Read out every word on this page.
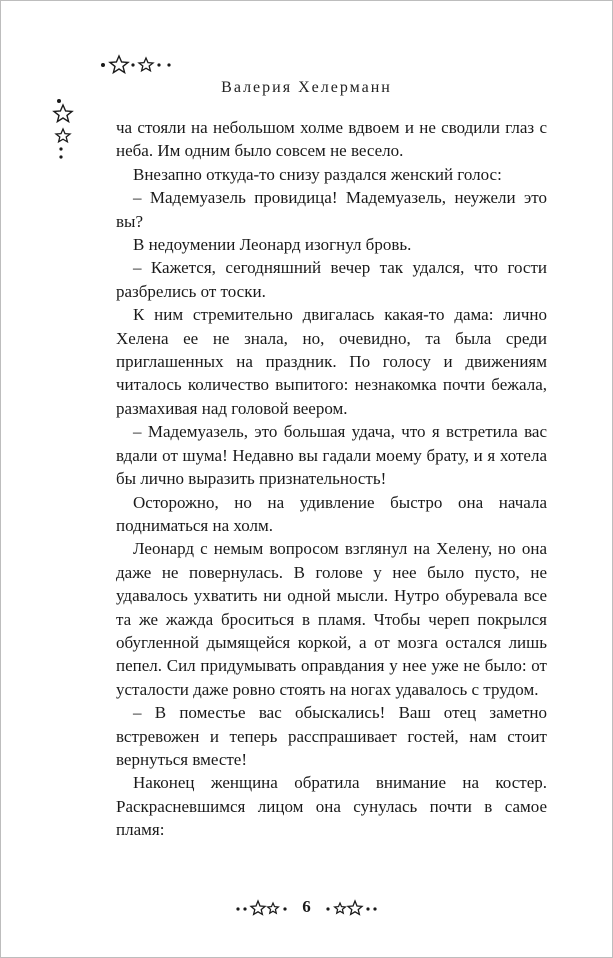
Валерия Хелерманн

ча стояли на небольшом холме вдвоем и не сводили глаз с неба. Им одним было совсем не весело.

Внезапно откуда-то снизу раздался женский голос:

– Мадемуазель провидица! Мадемуазель, неужели это вы?

В недоумении Леонард изогнул бровь.

– Кажется, сегодняшний вечер так удался, что гости разбрелись от тоски.

К ним стремительно двигалась какая-то дама: лично Хелена ее не знала, но, очевидно, та была среди приглашенных на праздник. По голосу и движениям читалось количество выпитого: незнакомка почти бежала, размахивая над головой веером.

– Мадемуазель, это большая удача, что я встретила вас вдали от шума! Недавно вы гадали моему брату, и я хотела бы лично выразить признательность!

Осторожно, но на удивление быстро она начала подниматься на холм.

Леонард с немым вопросом взглянул на Хелену, но она даже не повернулась. В голове у нее было пусто, не удавалось ухватить ни одной мысли. Нутро обуревала все та же жажда броситься в пламя. Чтобы череп покрылся обугленной дымящейся коркой, а от мозга остался лишь пепел. Сил придумывать оправдания у нее уже не было: от усталости даже ровно стоять на ногах удавалось с трудом.

– В поместье вас обыскались! Ваш отец заметно встревожен и теперь расспрашивает гостей, нам стоит вернуться вместе!

Наконец женщина обратила внимание на костер. Раскрасневшимся лицом она сунулась почти в самое пламя:

6
